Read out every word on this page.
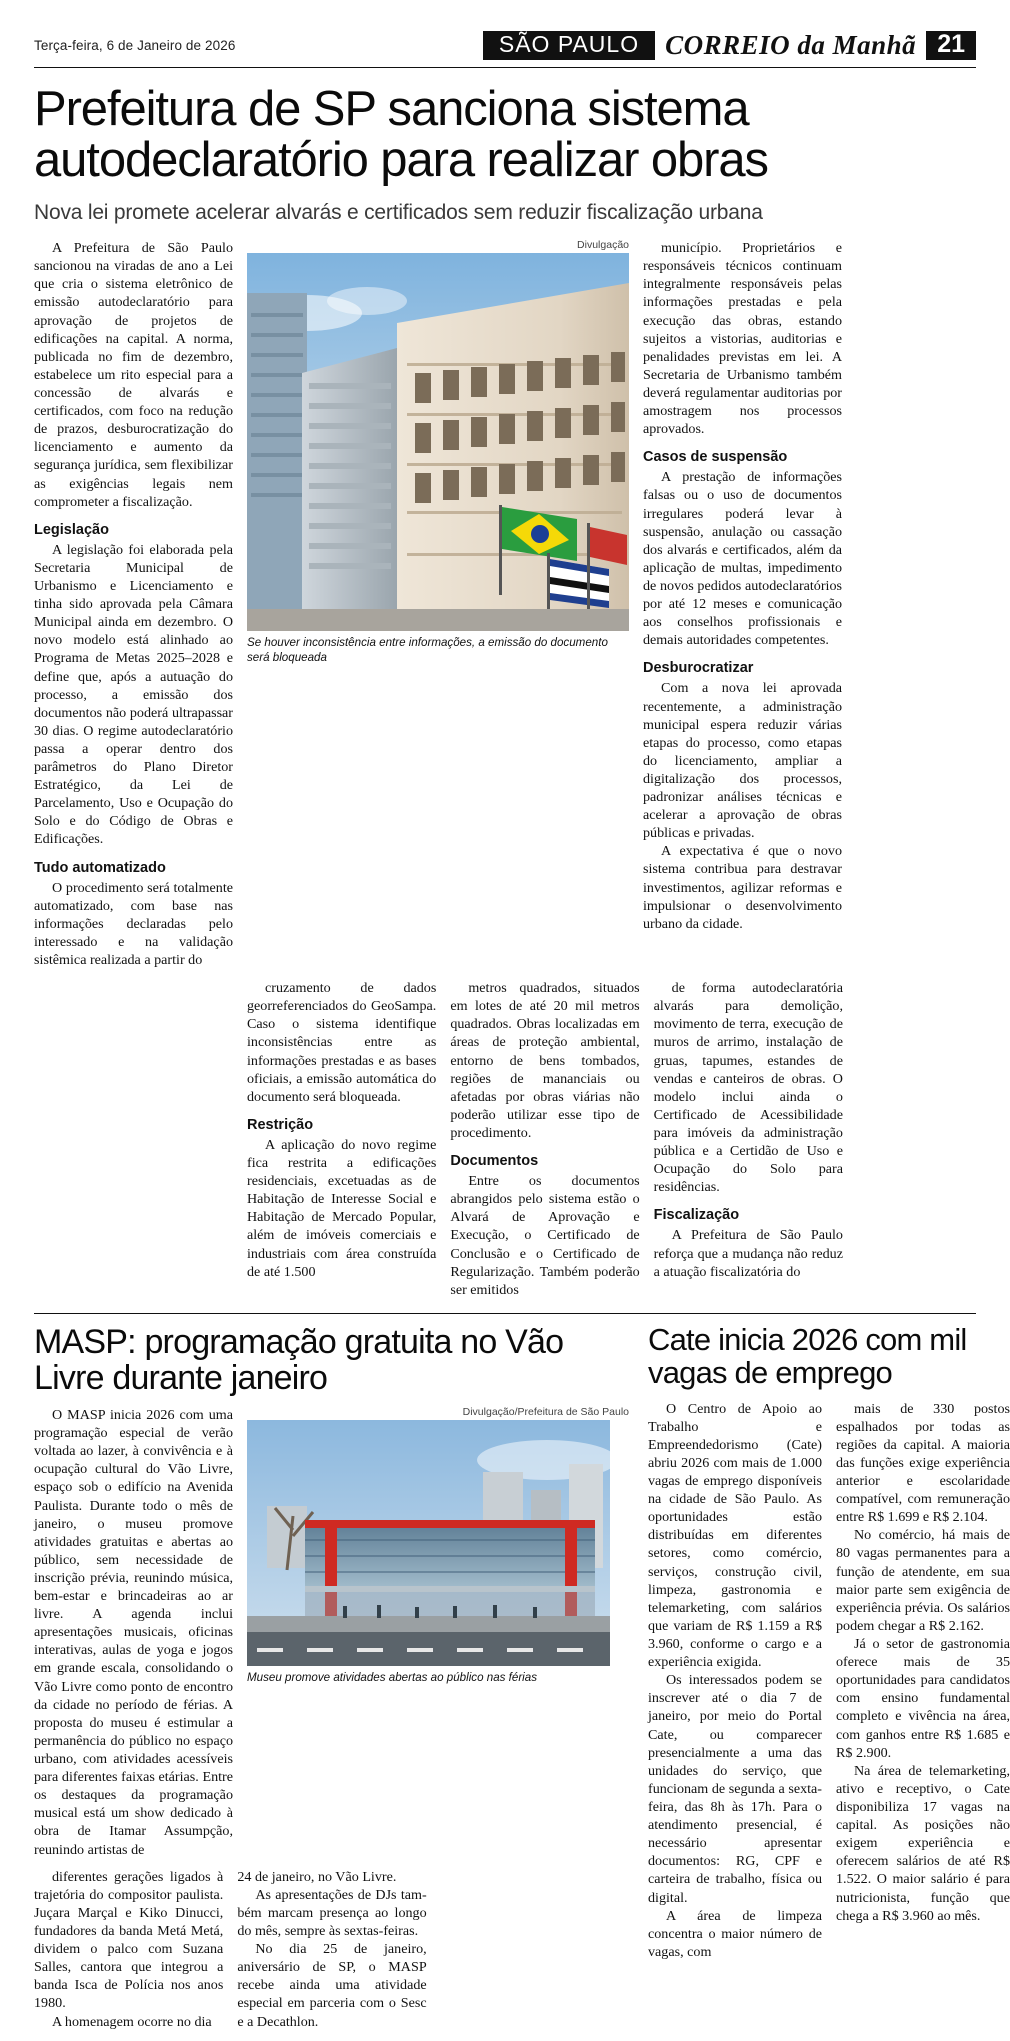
Terça-feira, 6 de Janeiro de 2026	SÃO PAULO CORREIO da Manhã 21
Prefeitura de SP sanciona sistema autodeclaratório para realizar obras
Nova lei promete acelerar alvarás e certificados sem reduzir fiscalização urbana

A Prefeitura de São Paulo sancionou na viradas de ano a Lei que cria o sistema eletrônico de emissão autodeclaratório para aprovação de projetos de edificações na capital. A norma, publicada no fim de dezembro, estabelece um rito especial para a concessão de alvarás e certificados, com foco na redução de prazos, desburocratização do licenciamento e aumento da segurança jurídica, sem flexibilizar as exigências legais nem comprometer a fiscalização.

Legislação

A legislação foi elaborada pela Secretaria Municipal de Urbanismo e Licenciamento e tinha sido aprovada pela Câmara Municipal ainda em dezembro. O novo modelo está alinhado ao Programa de Metas 2025–2028 e define que, após a autuação do processo, a emissão dos documentos não poderá ultrapassar 30 dias. O regime autodeclaratório passa a operar dentro dos parâmetros do Plano Diretor Estratégico, da Lei de Parcelamento, Uso e Ocupação do Solo e do Código de Obras e Edificações.

Tudo automatizado

O procedimento será totalmente automatizado, com base nas informações declaradas pelo interessado e na validação sistêmica realizada a partir do

Divulgação
Se houver inconsistência entre informações, a emissão do documento será bloqueada

município. Proprietários e responsáveis técnicos continuam integralmente responsáveis pelas informações prestadas e pela execução das obras, estando sujeitos a vistorias, auditorias e penalidades previstas em lei. A Secretaria de Urbanismo também deverá regulamentar auditorias por amostragem nos processos aprovados.

Casos de suspensão

A prestação de informações falsas ou o uso de documentos irregulares poderá levar à suspensão, anulação ou cassação dos alvarás e certificados, além da aplicação de multas, impedimento de novos pedidos autodeclaratórios por até 12 meses e comunicação aos conselhos profissionais e demais autoridades competentes.

Desburocratizar

Com a nova lei aprovada recentemente, a administração municipal espera reduzir várias etapas do processo, como etapas do licenciamento, ampliar a digitalização dos processos, padronizar análises técnicas e acelerar a aprovação de obras públicas e privadas.

A expectativa é que o novo sistema contribua para destravar investimentos, agilizar reformas e impulsionar o desenvolvimento urbano da cidade.

cruzamento de dados georreferenciados do GeoSampa. Caso o sistema identifique inconsistências entre as informações prestadas e as bases oficiais, a emissão automática do documento será bloqueada.

Restrição

A aplicação do novo regime fica restrita a edificações residenciais, excetuadas as de Habitação de Interesse Social e Habitação de Mercado Popular, além de imóveis comerciais e industriais com área construída de até 1.500

metros quadrados, situados em lotes de até 20 mil metros quadrados. Obras localizadas em áreas de proteção ambiental, entorno de bens tombados, regiões de mananciais ou afetadas por obras viárias não poderão utilizar esse tipo de procedimento.

Documentos

Entre os documentos abrangidos pelo sistema estão o Alvará de Aprovação e Execução, o Certificado de Conclusão e o Certificado de Regularização. Também poderão ser emitidos

de forma autodeclaratória alvarás para demolição, movimento de terra, execução de muros de arrimo, instalação de gruas, tapumes, estandes de vendas e canteiros de obras. O modelo inclui ainda o Certificado de Acessibilidade para imóveis da administração pública e a Certidão de Uso e Ocupação do Solo para residências.

Fiscalização

A Prefeitura de São Paulo reforça que a mudança não reduz a atuação fiscalizatória do

MASP: programação gratuita no Vão Livre durante janeiro

O MASP inicia 2026 com uma programação especial de verão voltada ao lazer, à convivência e à ocupação cultural do Vão Livre, espaço sob o edifício na Avenida Paulista. Durante todo o mês de janeiro, o museu promove atividades gratuitas e abertas ao público, sem necessidade de inscrição prévia, reunindo música, bem-estar e brincadeiras ao ar livre. A agenda inclui apresentações musicais, oficinas interativas, aulas de yoga e jogos em grande escala, consolidando o Vão Livre como ponto de encontro da cidade no período de férias. A proposta do museu é estimular a permanência do público no espaço urbano, com atividades acessíveis para diferentes faixas etárias. Entre os destaques da programação musical está um show dedicado à obra de Itamar Assumpção, reunindo artistas de

Divulgação/Prefeitura de São Paulo
Museu promove atividades abertas ao público nas férias

diferentes gerações ligados à trajetória do compositor paulista. Juçara Marçal e Kiko Dinucci, fundadores da banda Metá Metá, dividem o palco com Suzana Salles, cantora que integrou a banda Isca de Polícia nos anos 1980.

A homenagem ocorre no dia

24 de janeiro, no Vão Livre.

As apresentações de DJs tam-bém marcam presença ao longo do mês, sempre às sextas-feiras.

No dia 25 de janeiro, aniversário de SP, o MASP recebe ainda uma atividade especial em parceria com o Sesc e a Decathlon.

Cate inicia 2026 com mil vagas de emprego

O Centro de Apoio ao Trabalho e Empreendedorismo (Cate) abriu 2026 com mais de 1.000 vagas de emprego disponíveis na cidade de São Paulo. As oportunidades estão distribuídas em diferentes setores, como comércio, serviços, construção civil, limpeza, gastronomia e telemarketing, com salários que variam de R$ 1.159 a R$ 3.960, conforme o cargo e a experiência exigida.

Os interessados podem se inscrever até o dia 7 de janeiro, por meio do Portal Cate, ou comparecer presencialmente a uma das unidades do serviço, que funcionam de segunda a sexta-feira, das 8h às 17h. Para o atendimento presencial, é necessário apresentar documentos: RG, CPF e carteira de trabalho, física ou digital.

A área de limpeza concentra o maior número de vagas, com

mais de 330 postos espalhados por todas as regiões da capital. A maioria das funções exige experiência anterior e escolaridade compatível, com remuneração entre R$ 1.699 e R$ 2.104.

No comércio, há mais de 80 vagas permanentes para a função de atendente, em sua maior parte sem exigência de experiência prévia. Os salários podem chegar a R$ 2.162.

Já o setor de gastronomia oferece mais de 35 oportunidades para candidatos com ensino fundamental completo e vivência na área, com ganhos entre R$ 1.685 e R$ 2.900.

Na área de telemarketing, ativo e receptivo, o Cate disponibiliza 17 vagas na capital. As posições não exigem experiência e oferecem salários de até R$ 1.522. O maior salário é para nutricionista, função que chega a R$ 3.960 ao mês.
